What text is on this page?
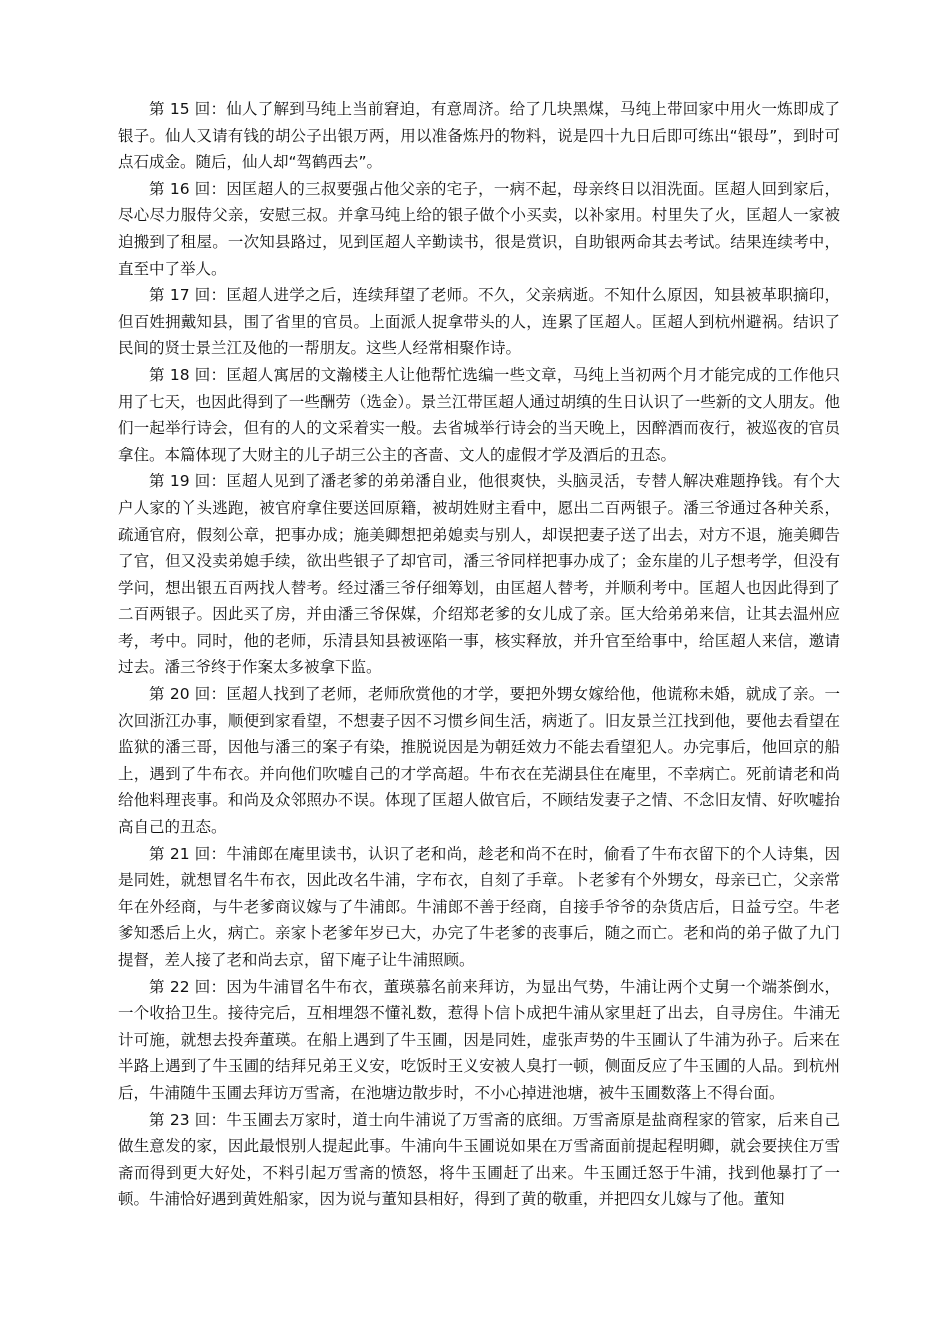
第 15 回：仙人了解到马纯上当前窘迫，有意周济。给了几块黑煤，马纯上带回家中用火一炼即成了银子。仙人又请有钱的胡公子出银万两，用以准备炼丹的物料，说是四十九日后即可练出“银母”，到时可点石成金。随后，仙人却“驾鹤西去”。

第 16 回：因匡超人的三叔要强占他父亲的宅子，一病不起，母亲终日以泪洗面。匡超人回到家后，尽心尽力服侍父亲，安慰三叔。并拿马纯上给的银子做个小买卖，以补家用。村里失了火，匡超人一家被迫搬到了租屋。一次知县路过，见到匡超人辛勤读书，很是赏识，自助银两命其去考试。结果连续考中，直至中了举人。

第 17 回：匡超人进学之后，连续拜望了老师。不久，父亲病逝。不知什么原因，知县被革职摘印，但百姓拥戴知县，围了省里的官员。上面派人捉拿带头的人，连累了匡超人。匡超人到杭州避祸。结识了民间的贤士景兰江及他的一帮朋友。这些人经常相聚作诗。

第 18 回：匡超人寓居的文瀚楼主人让他帮忙选编一些文章，马纯上当初两个月才能完成的工作他只用了七天，也因此得到了一些酬劳（选金）。景兰江带匡超人通过胡缜的生日认识了一些新的文人朋友。他们一起举行诗会，但有的人的文采着实一般。去省城举行诗会的当天晚上，因醉酒而夜行，被巡夜的官员拿住。本篇体现了大财主的儿子胡三公主的吝啬、文人的虚假才学及酒后的丑态。

第 19 回：匡超人见到了潘老爹的弟弟潘自业，他很爽快，头脑灵活，专替人解决难题挣钱。有个大户人家的丫头逃跑，被官府拿住要送回原籍，被胡姓财主看中，愿出二百两银子。潘三爷通过各种关系，疏通官府，假刻公章，把事办成；施美卿想把弟媳卖与别人，却误把妻子送了出去，对方不退，施美卿告了官，但又没卖弟媳手续，欲出些银子了却官司，潘三爷同样把事办成了；金东崖的儿子想考学，但没有学问，想出银五百两找人替考。经过潘三爷仔细筹划，由匡超人替考，并顺利考中。匡超人也因此得到了二百两银子。因此买了房，并由潘三爷保媒，介绍郑老爹的女儿成了亲。匡大给弟弟来信，让其去温州应考，考中。同时，他的老师，乐清县知县被诬陷一事，核实释放，并升官至给事中，给匡超人来信，邀请过去。潘三爷终于作案太多被拿下监。

第 20 回：匡超人找到了老师，老师欣赏他的才学，要把外甥女嫁给他，他谎称未婚，就成了亲。一次回浙江办事，顺便到家看望，不想妻子因不习惯乡间生活，病逝了。旧友景兰江找到他，要他去看望在监狱的潘三哥，因他与潘三的案子有染，推脱说因是为朝廷效力不能去看望犯人。办完事后，他回京的船上，遇到了牛布衣。并向他们吹嘘自己的才学高超。牛布衣在芜湖县住在庵里，不幸病亡。死前请老和尚给他料理丧事。和尚及众邻照办不误。体现了匡超人做官后，不顾结发妻子之情、不念旧友情、好吹嘘抬高自己的丑态。

第 21 回：牛浦郎在庵里读书，认识了老和尚，趁老和尚不在时，偷看了牛布衣留下的个人诗集，因是同姓，就想冒名牛布衣，因此改名牛浦，字布衣，自刻了手章。卜老爹有个外甥女，母亲已亡，父亲常年在外经商，与牛老爹商议嫁与了牛浦郎。牛浦郎不善于经商，自接手爷爷的杂货店后，日益亏空。牛老爹知悉后上火，病亡。亲家卜老爹年岁已大，办完了牛老爹的丧事后，随之而亡。老和尚的弟子做了九门提督，差人接了老和尚去京，留下庵子让牛浦照顾。

第 22 回：因为牛浦冒名牛布衣，董瑛慕名前来拜访，为显出气势，牛浦让两个丈舅一个端茶倒水，一个收拾卫生。接待完后，互相埋怨不懂礼数，惹得卜信卜成把牛浦从家里赶了出去，自寻房住。牛浦无计可施，就想去投奔董瑛。在船上遇到了牛玉圃，因是同姓，虚张声势的牛玉圃认了牛浦为孙子。后来在半路上遇到了牛玉圃的结拜兄弟王义安，吃饭时王义安被人臭打一顿，侧面反应了牛玉圃的人品。到杭州后，牛浦随牛玉圃去拜访万雪斋，在池塘边散步时，不小心掉进池塘，被牛玉圃数落上不得台面。

第 23 回：牛玉圃去万家时，道士向牛浦说了万雪斋的底细。万雪斋原是盐商程家的管家，后来自己做生意发的家，因此最恨别人提起此事。牛浦向牛玉圃说如果在万雪斋面前提起程明卿，就会要挟住万雪斋而得到更大好处，不料引起万雪斋的愤怒，将牛玉圃赶了出来。牛玉圃迁怒于牛浦，找到他暴打了一顿。牛浦恰好遇到黄姓船家，因为说与董知县相好，得到了黄的敬重，并把四女儿嫁与了他。董知
